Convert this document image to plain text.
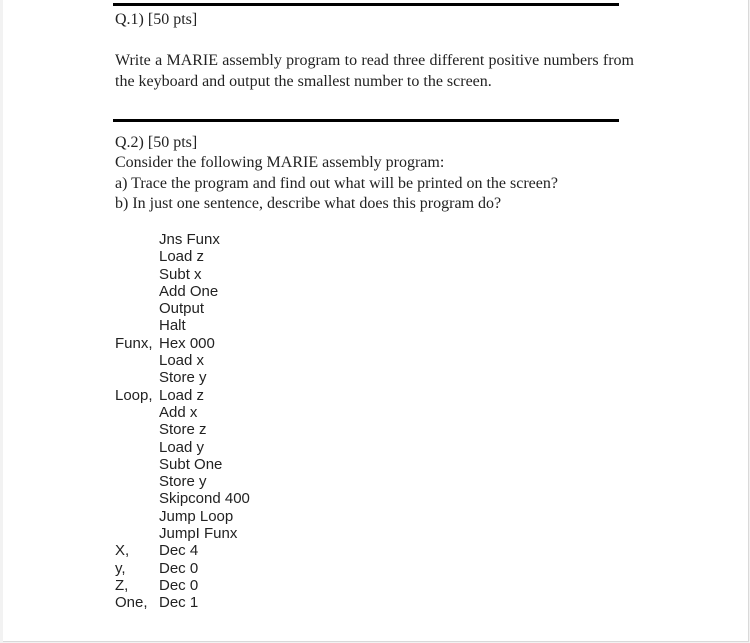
Q.1) [50 pts]
Write a MARIE assembly program to read three different positive numbers from the keyboard and output the smallest number to the screen.
Q.2) [50 pts]
Consider the following MARIE assembly program:
a) Trace the program and find out what will be printed on the screen?
b) In just one sentence, describe what does this program do?
Jns Funx
Load z
Subt x
Add One
Output
Halt
Funx, Hex 000
Load x
Store y
Loop, Load z
Add x
Store z
Load y
Subt One
Store y
Skipcond 400
Jump Loop
JumpI Funx
X, Dec 4
y, Dec 0
Z, Dec 0
One, Dec 1
